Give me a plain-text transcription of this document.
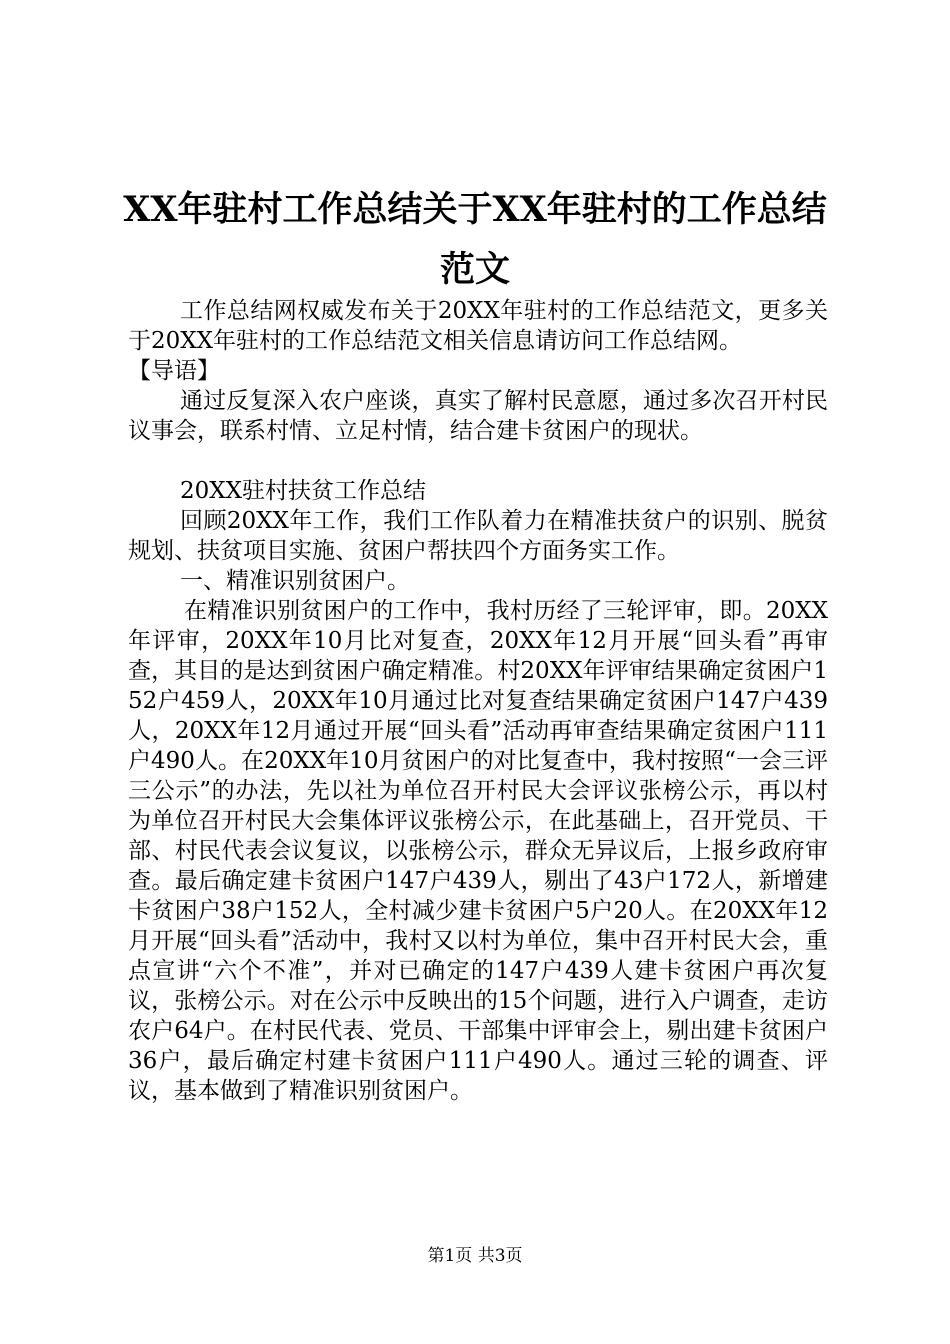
XX年驻村工作总结关于XX年驻村的工作总结
范文

工作总结网权威发布关于20XX年驻村的工作总结范文，更多关于20XX年驻村的工作总结范文相关信息请访问工作总结网。

【导语】

通过反复深入农户座谈，真实了解村民意愿，通过多次召开村民议事会，联系村情、立足村情，结合建卡贫困户的现状。

20XX驻村扶贫工作总结

回顾20XX年工作，我们工作队着力在精准扶贫户的识别、脱贫规划、扶贫项目实施、贫困户帮扶四个方面务实工作。

一、精准识别贫困户。

在精准识别贫困户的工作中，我村历经了三轮评审，即。20XX年评审，20XX年10月比对复查，20XX年12月开展“回头看”再审查，其目的是达到贫困户确定精准。村20XX年评审结果确定贫困户152户459人，20XX年10月通过比对复查结果确定贫困户147户439人，20XX年12月通过开展“回头看”活动再审查结果确定贫困户111户490人。在20XX年10月贫困户的对比复查中，我村按照“一会三评三公示”的办法，先以社为单位召开村民大会评议张榜公示，再以村为单位召开村民大会集体评议张榜公示，在此基础上，召开党员、干部、村民代表会议复议，以张榜公示，群众无异议后，上报乡政府审查。最后确定建卡贫困户147户439人，剔出了43户172人，新增建卡贫困户38户152人，全村减少建卡贫困户5户20人。在20XX年12月开展“回头看”活动中，我村又以村为单位，集中召开村民大会，重点宣讲“六个不准”，并对已确定的147户439人建卡贫困户再次复议，张榜公示。对在公示中反映出的15个问题，进行入户调查，走访农户64户。在村民代表、党员、干部集中评审会上，剔出建卡贫困户36户，最后确定村建卡贫困户111户490人。通过三轮的调查、评议，基本做到了精准识别贫困户。

第1页 共3页
